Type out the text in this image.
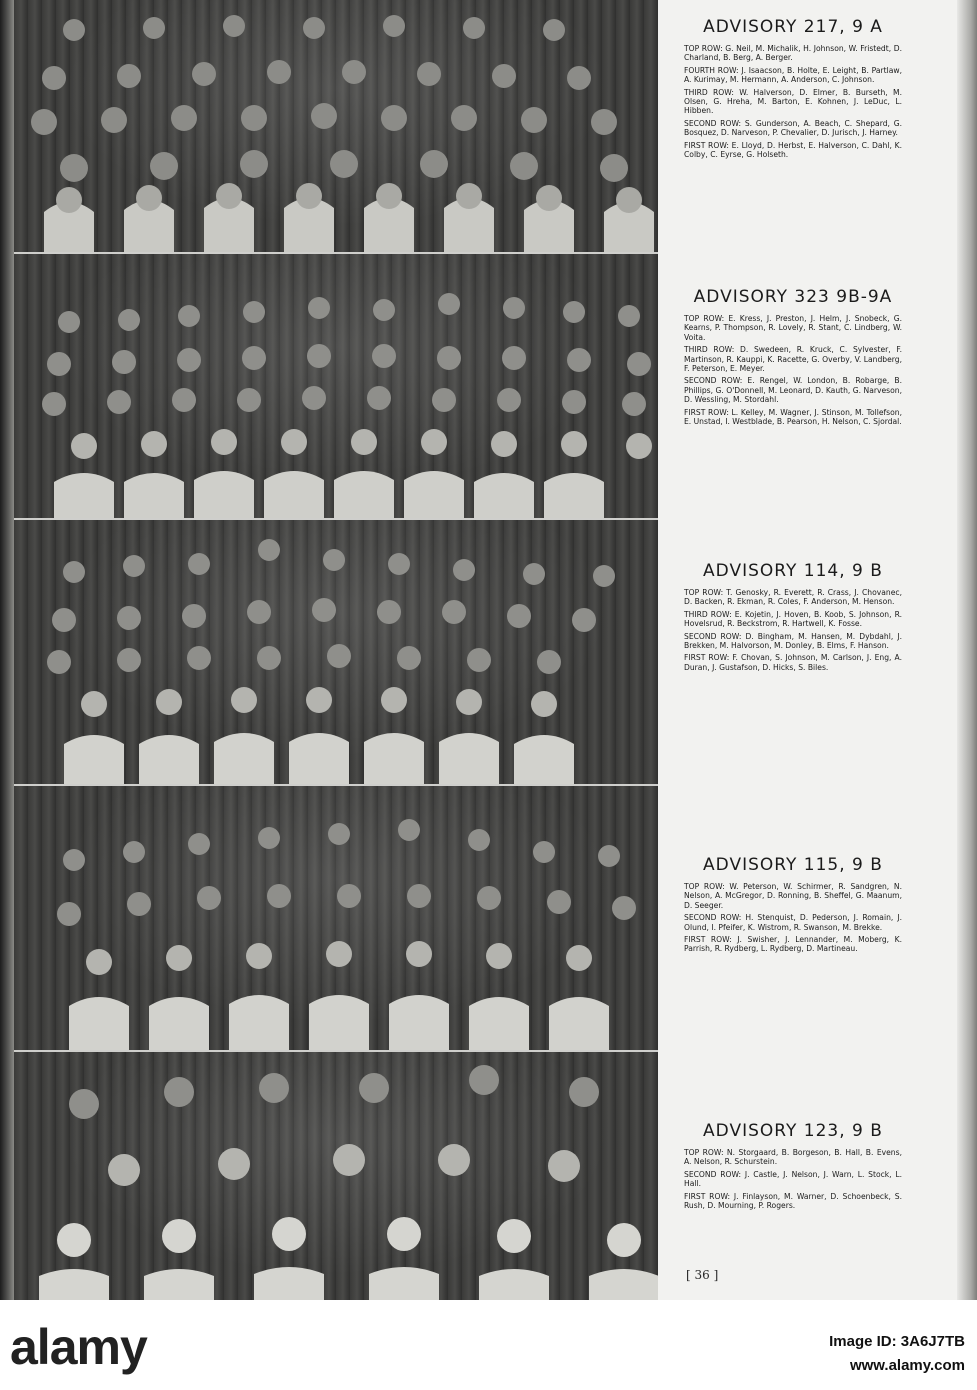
ADVISORY 217, 9 A

TOP ROW: G. Neil, M. Michalik, H. Johnson, W. Fristedt, D. Charland, B. Berg, A. Berger.

FOURTH ROW: J. Isaacson, B. Holte, E. Leight, B. Partlaw, A. Kurimay, M. Hermann, A. Anderson, C. Johnson.

THIRD ROW: W. Halverson, D. Elmer, B. Burseth, M. Olsen, G. Hreha, M. Barton, E. Kohnen, J. LeDuc, L. Hibben.

SECOND ROW: S. Gunderson, A. Beach, C. Shepard, G. Bosquez, D. Narveson, P. Chevalier, D. Jurisch, J. Harney.

FIRST ROW: E. Lloyd, D. Herbst, E. Halverson, C. Dahl, K. Colby, C. Eyrse, G. Holseth.

ADVISORY 323 9B-9A

TOP ROW: E. Kress, J. Preston, J. Helm, J. Snobeck, G. Kearns, P. Thompson, R. Lovely, R. Stant, C. Lindberg, W. Voita.

THIRD ROW: D. Swedeen, R. Kruck, C. Sylvester, F. Martinson, R. Kauppi, K. Racette, G. Overby, V. Landberg, F. Peterson, E. Meyer.

SECOND ROW: E. Rengel, W. London, B. Robarge, B. Phillips, G. O'Donnell, M. Leonard, D. Kauth, G. Narveson, D. Wessling, M. Stordahl.

FIRST ROW: L. Kelley, M. Wagner, J. Stinson, M. Tollefson, E. Unstad, I. Westblade, B. Pearson, H. Nelson, C. Sjordal.

ADVISORY 114, 9 B

TOP ROW: T. Genosky, R. Everett, R. Crass, J. Chovanec, D. Backen, R. Ekman, R. Coles, F. Anderson, M. Henson.

THIRD ROW: E. Kojetin, J. Hoven, B. Koob, S. Johnson, R. Hovelsrud, R. Beckstrom, R. Hartwell, K. Fosse.

SECOND ROW: D. Bingham, M. Hansen, M. Dybdahl, J. Brekken, M. Halvorson, M. Donley, B. Elms, F. Hanson.

FIRST ROW: F. Chovan, S. Johnson, M. Carlson, J. Eng, A. Duran, J. Gustafson, D. Hicks, S. Biles.

ADVISORY 115, 9 B

TOP ROW: W. Peterson, W. Schirmer, R. Sandgren, N. Nelson, A. McGregor, D. Ronning, B. Sheffel, G. Maanum, D. Seeger.

SECOND ROW: H. Stenquist, D. Pederson, J. Romain, J. Olund, I. Pfeifer, K. Wistrom, R. Swanson, M. Brekke.

FIRST ROW: J. Swisher, J. Lennander, M. Moberg, K. Parrish, R. Rydberg, L. Rydberg, D. Martineau.

ADVISORY 123, 9 B

TOP ROW: N. Storgaard, B. Borgeson, B. Hall, B. Evens, A. Nelson, R. Schurstein.

SECOND ROW: J. Castle, J. Nelson, J. Warn, L. Stock, L. Hall.

FIRST ROW: J. Finlayson, M. Warner, D. Schoenbeck, S. Rush, D. Mourning, P. Rogers.

[ 36 ]
alamy	Image ID: 3A6J7TB
www.alamy.com
